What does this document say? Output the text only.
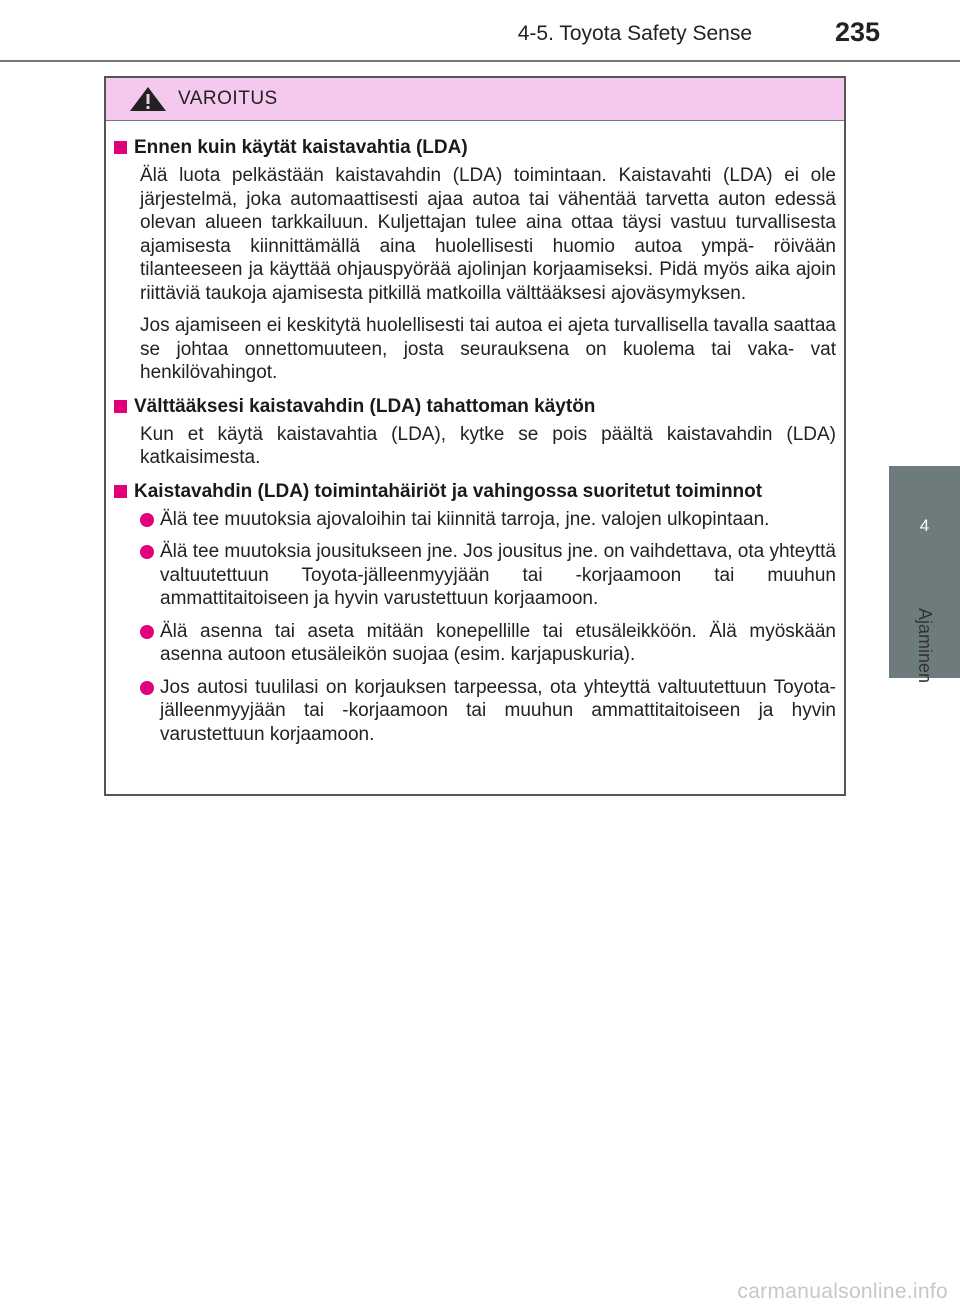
4-5. Toyota Safety Sense	235
4
Ajaminen
VAROITUS
Ennen kuin käytät kaistavahtia (LDA)

Älä luota pelkästään kaistavahdin (LDA) toimintaan. Kaistavahti (LDA) ei ole järjestelmä, joka automaattisesti ajaa autoa tai vähentää tarvetta auton edessä olevan alueen tarkkailuun. Kuljettajan tulee aina ottaa täysi vastuu turvallisesta ajamisesta kiinnittämällä aina huolellisesti huomio autoa ympä- röivään tilanteeseen ja käyttää ohjauspyörää ajolinjan korjaamiseksi. Pidä myös aika ajoin riittäviä taukoja ajamisesta pitkillä matkoilla välttääksesi ajoväsymyksen.

Jos ajamiseen ei keskitytä huolellisesti tai autoa ei ajeta turvallisella tavalla saattaa se johtaa onnettomuuteen, josta seurauksena on kuolema tai vaka- vat henkilövahingot.

Välttääksesi kaistavahdin (LDA) tahattoman käytön

Kun et käytä kaistavahtia (LDA), kytke se pois päältä kaistavahdin (LDA) katkaisimesta.

Kaistavahdin (LDA) toimintahäiriöt ja vahingossa suoritetut toiminnot
Älä tee muutoksia ajovaloihin tai kiinnitä tarroja, jne. valojen ulkopintaan.
Älä tee muutoksia jousitukseen jne. Jos jousitus jne. on vaihdettava, ota yhteyttä valtuutettuun Toyota-jälleenmyyjään tai -korjaamoon tai muuhun ammattitaitoiseen ja hyvin varustettuun korjaamoon.
Älä asenna tai aseta mitään konepellille tai etusäleikköön. Älä myöskään asenna autoon etusäleikön suojaa (esim. karjapuskuria).
Jos autosi tuulilasi on korjauksen tarpeessa, ota yhteyttä valtuutettuun Toyota-jälleenmyyjään tai -korjaamoon tai muuhun ammattitaitoiseen ja hyvin varustettuun korjaamoon.
carmanualsonline.info
